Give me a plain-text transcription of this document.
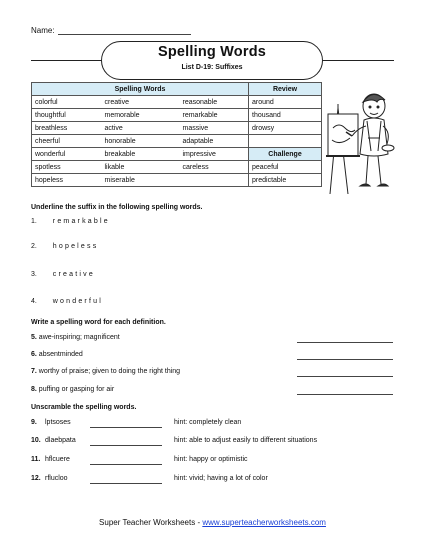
Name:
Spelling Words
List D-19: Suffixes
Spelling Words			Review
colorful	creative	reasonable	around
thoughtful	memorable	remarkable	thousand
breathless	active	massive	drowsy
cheerful	honorable	adaptable	
wonderful	breakable	impressive	Challenge
spotless	likable	careless	peaceful
hopeless	miserable		predictable
Underline the suffix in the following spelling words.
1. remarkable
2. hopeless
3. creative
4. wonderful
Write a spelling word for each definition.
5. awe-inspiring; magnificent
6. absentminded
7. worthy of praise; given to doing the right thing
8. puffing or gasping for air
Unscramble the spelling words.
9. lptsoses	hint: completely clean
10. dlaebpata	hint: able to adjust easily to different situations
11. hflcuere	hint: happy or optimistic
12. rflucloo	hint: vivid; having a lot of color
Super Teacher Worksheets - www.superteacherworksheets.com
